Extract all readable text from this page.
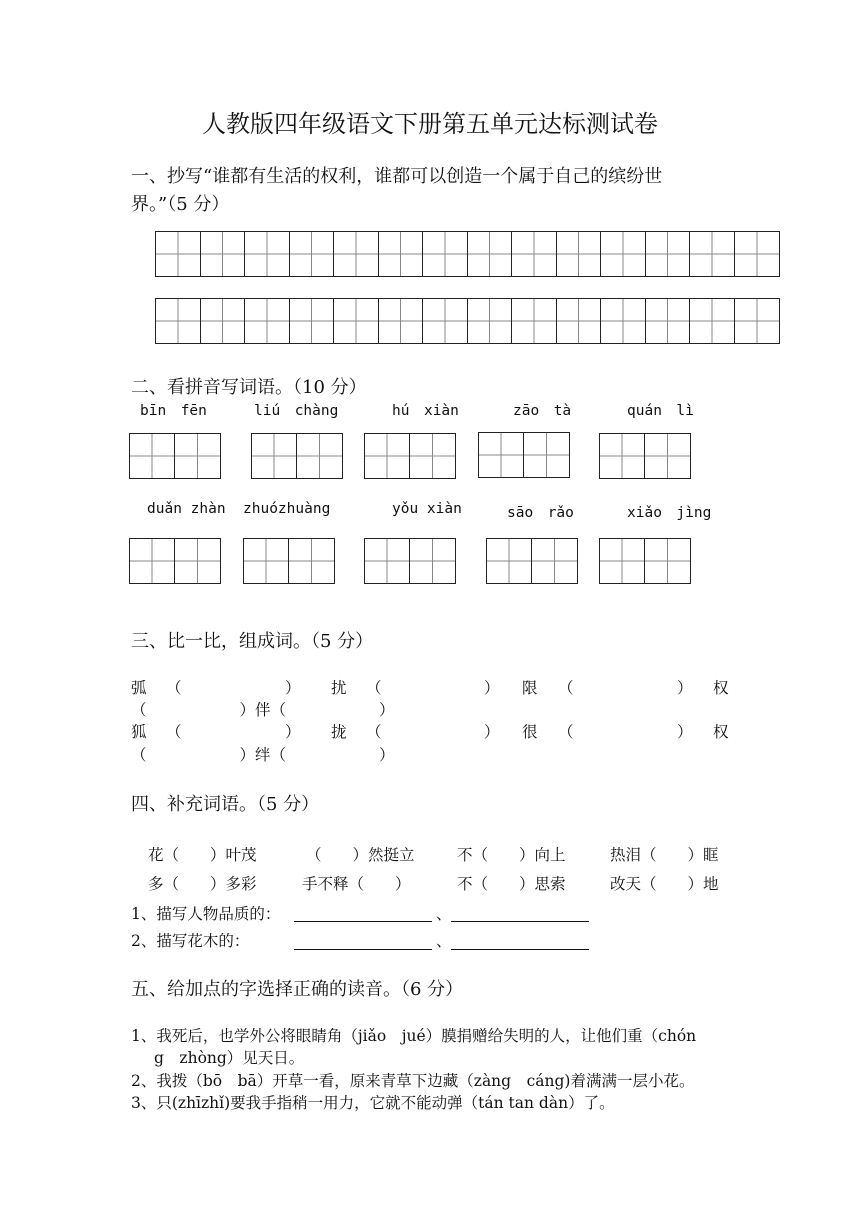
人教版四年级语文下册第五单元达标测试卷
一、抄写“谁都有生活的权利，谁都可以创造一个属于自己的缤纷世
界。”（5 分）
二、看拼音写词语。（10 分）
bīn　fēn	liú　chàng	hú　xiàn	zāo　tà	quán　lì
duǎn zhàn zhuózhuàng	yǒu xiàn	sāo　rǎo	xiǎo　jìng
三、比一比，组成词。（5 分）
弧 （	） 扰 （	） 限 （	） 权
（　　　　　　）伴（　　　　　　）
狐 （	） 拢 （	） 很 （	） 权
（　　　　　　）绊（　　　　　　）
四、补充词语。（5 分）
花（　　）叶茂	（　　）然挺立	不（　　）向上	热泪（　　）眶
多（　　）多彩	手不释（　　）	不（　　）思索	改天（　　）地
1、描写人物品质的：	、
2、描写花木的：	、
五、给加点的字选择正确的读音。（6 分）
1、我死后，也学外公将眼睛角（jiǎo　jué）膜捐赠给失明的人，让他们重（chón
g　zhòng）见天日。
2、我拨（bō　bā）开草一看，原来青草下边藏（zàng　cáng)着满满一层小花。
3、只(zhīzhǐ)要我手指稍一用力，它就不能动弹（tán tan dàn）了。
